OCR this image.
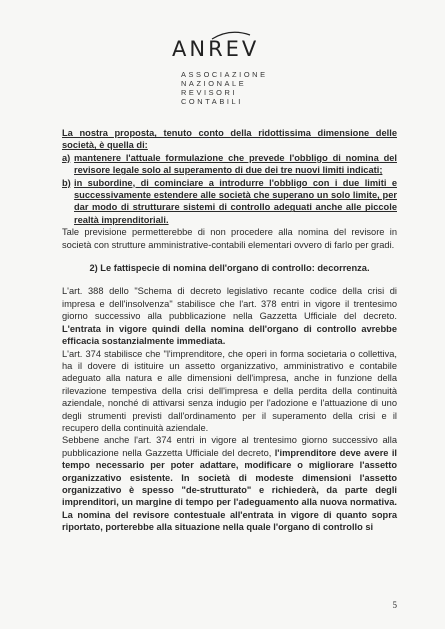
ANREV
ASSOCIAZIONE
NAZIONALE
REVISORI
CONTABILI

La nostra proposta, tenuto conto della ridottissima dimensione delle società, è quella di:

a) mantenere l'attuale formulazione che prevede l'obbligo di nomina del revisore legale solo al superamento di due dei tre nuovi limiti indicati;
b) in subordine, di cominciare a introdurre l'obbligo con i due limiti e successivamente estendere alle società che superano un solo limite, per dar modo di strutturare sistemi di controllo adeguati anche alle piccole realtà imprenditoriali.

Tale previsione permetterebbe di non procedere alla nomina del revisore in società con strutture amministrative-contabili elementari ovvero di farlo per gradi.

2) Le fattispecie di nomina dell'organo di controllo: decorrenza.

L'art. 388 dello "Schema di decreto legislativo recante codice della crisi di impresa e dell'insolvenza" stabilisce che l'art. 378 entri in vigore il trentesimo giorno successivo alla pubblicazione nella Gazzetta Ufficiale del decreto. L'entrata in vigore quindi della nomina dell'organo di controllo avrebbe efficacia sostanzialmente immediata.

L'art. 374 stabilisce che "l'imprenditore, che operi in forma societaria o collettiva, ha il dovere di istituire un assetto organizzativo, amministrativo e contabile adeguato alla natura e alle dimensioni dell'impresa, anche in funzione della rilevazione tempestiva della crisi dell'impresa e della perdita della continuità aziendale, nonché di attivarsi senza indugio per l'adozione e l'attuazione di uno degli strumenti previsti dall'ordinamento per il superamento della crisi e il recupero della continuità aziendale.

Sebbene anche l'art. 374 entri in vigore al trentesimo giorno successivo alla pubblicazione nella Gazzetta Ufficiale del decreto, l'imprenditore deve avere il tempo necessario per poter adattare, modificare o migliorare l'assetto organizzativo esistente. In società di modeste dimensioni l'assetto organizzativo è spesso "de-strutturato" e richiederà, da parte degli imprenditori, un margine di tempo per l'adeguamento alla nuova normativa. La nomina del revisore contestuale all'entrata in vigore di quanto sopra riportato, porterebbe alla situazione nella quale l'organo di controllo si

5
